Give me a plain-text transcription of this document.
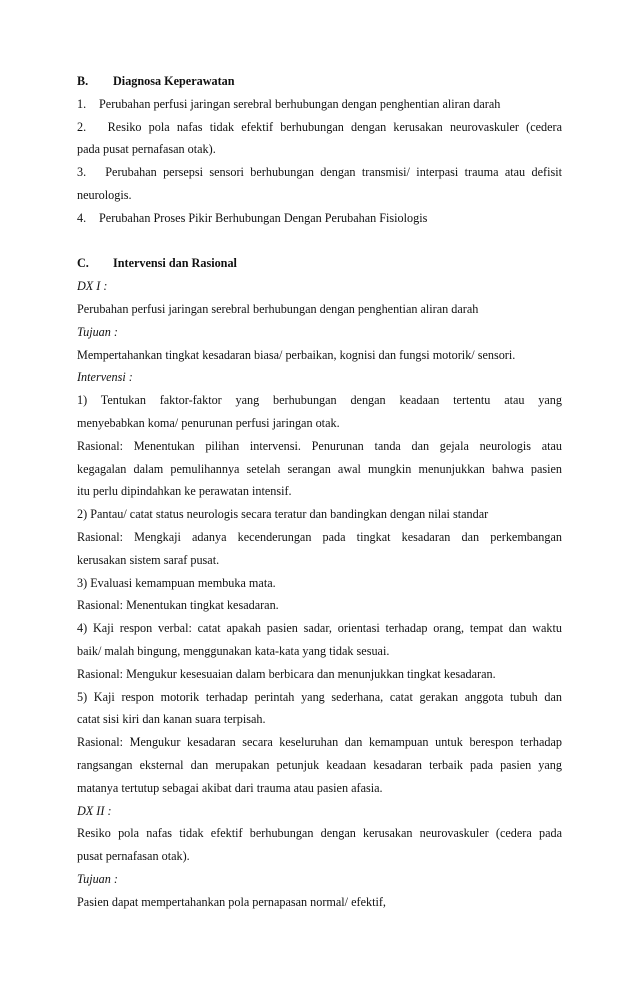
B. Diagnosa Keperawatan
1. Perubahan perfusi jaringan serebral berhubungan dengan penghentian aliran darah
2. Resiko pola nafas tidak efektif berhubungan dengan kerusakan neurovaskuler (cedera
pada pusat pernafasan otak).
3. Perubahan persepsi sensori berhubungan dengan transmisi/ interpasi trauma atau defisit
neurologis.
4. Perubahan Proses Pikir Berhubungan Dengan Perubahan Fisiologis
C. Intervensi dan Rasional
DX I :
Perubahan perfusi jaringan serebral berhubungan dengan penghentian aliran darah
Tujuan :
Mempertahankan tingkat kesadaran biasa/ perbaikan, kognisi dan fungsi motorik/ sensori.
Intervensi :
1) Tentukan faktor-faktor yang berhubungan dengan keadaan tertentu atau yang
menyebabkan koma/ penurunan perfusi jaringan otak.
Rasional: Menentukan pilihan intervensi. Penurunan tanda dan gejala neurologis atau
kegagalan dalam pemulihannya setelah serangan awal mungkin menunjukkan bahwa pasien
itu perlu dipindahkan ke perawatan intensif.
2) Pantau/ catat status neurologis secara teratur dan bandingkan dengan nilai standar
Rasional: Mengkaji adanya kecenderungan pada tingkat kesadaran dan perkembangan
kerusakan sistem saraf pusat.
3) Evaluasi kemampuan membuka mata.
Rasional: Menentukan tingkat kesadaran.
4) Kaji respon verbal: catat apakah pasien sadar, orientasi terhadap orang, tempat dan waktu
baik/ malah bingung, menggunakan kata-kata yang tidak sesuai.
Rasional: Mengukur kesesuaian dalam berbicara dan menunjukkan tingkat kesadaran.
5) Kaji respon motorik terhadap perintah yang sederhana, catat gerakan anggota tubuh dan
catat sisi kiri dan kanan suara terpisah.
Rasional: Mengukur kesadaran secara keseluruhan dan kemampuan untuk berespon terhadap
rangsangan eksternal dan merupakan petunjuk keadaan kesadaran terbaik pada pasien yang
matanya tertutup sebagai akibat dari trauma atau pasien afasia.
DX II :
Resiko pola nafas tidak efektif berhubungan dengan kerusakan neurovaskuler (cedera pada
pusat pernafasan otak).
Tujuan :
Pasien dapat mempertahankan pola pernapasan normal/ efektif,
